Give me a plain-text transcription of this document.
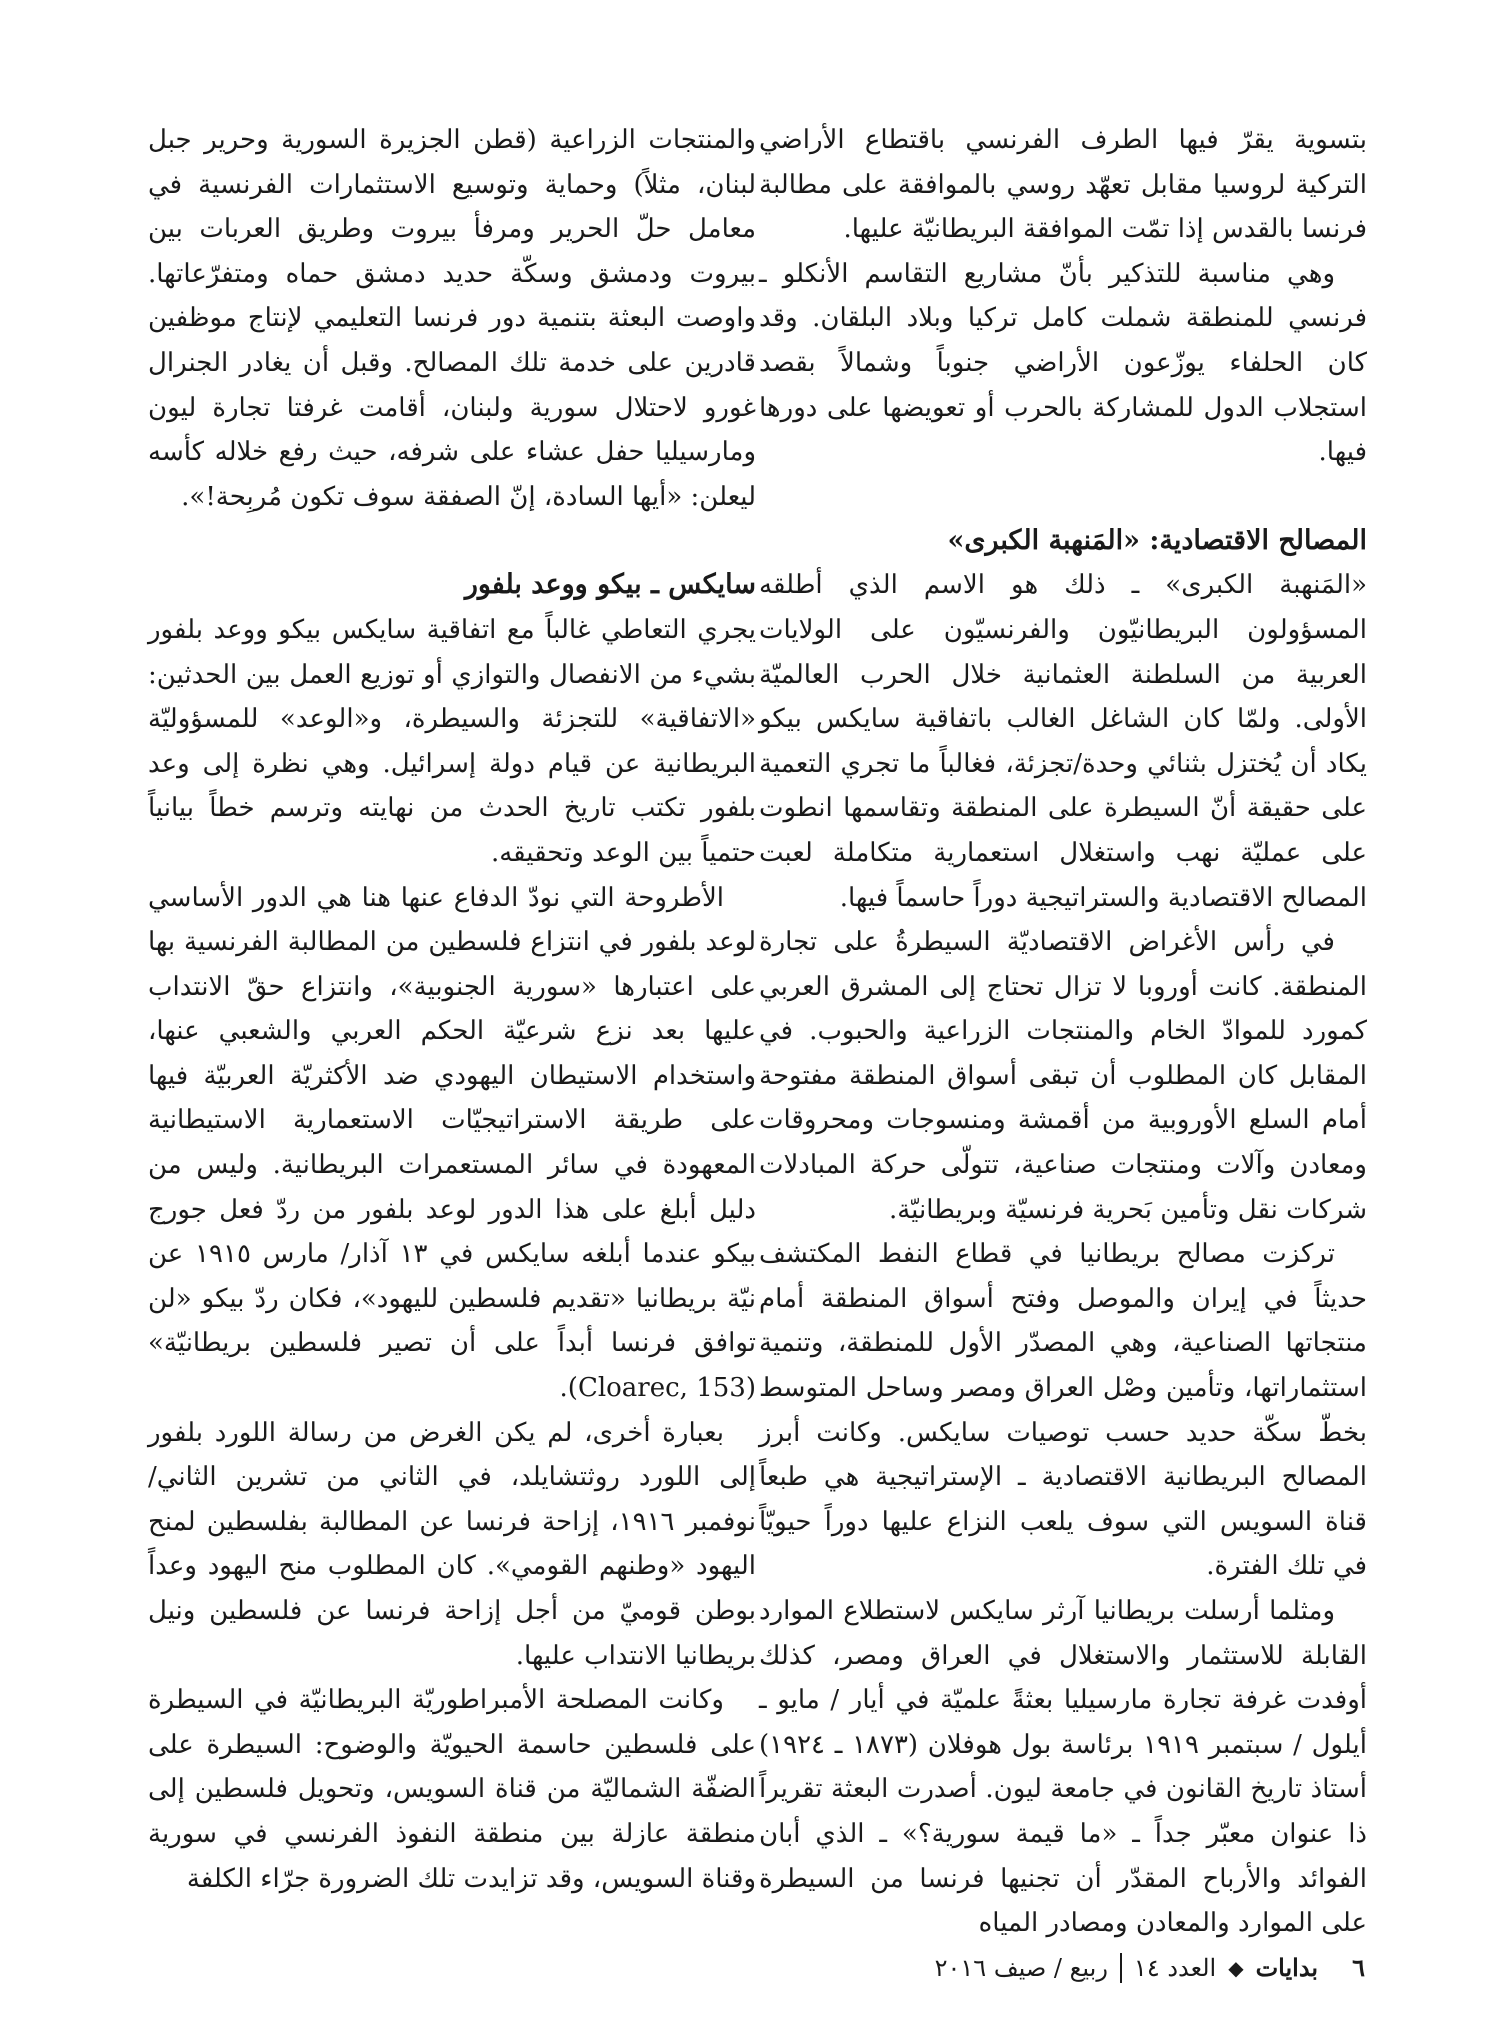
بتسوية يقرّ فيها الطرف الفرنسي باقتطاع الأراضي التركية لروسيا مقابل تعهّد روسي بالموافقة على مطالبة فرنسا بالقدس إذا تمّت الموافقة البريطانيّة عليها.

وهي مناسبة للتذكير بأنّ مشاريع التقاسم الأنكلو ـ فرنسي للمنطقة شملت كامل تركيا وبلاد البلقان. وقد كان الحلفاء يوزّعون الأراضي جنوباً وشمالاً بقصد استجلاب الدول للمشاركة بالحرب أو تعويضها على دورها فيها.

المصالح الاقتصادية: «المَنهبة الكبرى»

«المَنهبة الكبرى» ـ ذلك هو الاسم الذي أطلقه المسؤولون البريطانيّون والفرنسيّون على الولايات العربية من السلطنة العثمانية خلال الحرب العالميّة الأولى. ولمّا كان الشاغل الغالب باتفاقية سايكس بيكو يكاد أن يُختزل بثنائي وحدة/تجزئة، فغالباً ما تجري التعمية على حقيقة أنّ السيطرة على المنطقة وتقاسمها انطوت على عمليّة نهب واستغلال استعمارية متكاملة لعبت المصالح الاقتصادية والستراتيجية دوراً حاسماً فيها.

في رأس الأغراض الاقتصاديّة السيطرةُ على تجارة المنطقة. كانت أوروبا لا تزال تحتاج إلى المشرق العربي كمورد للموادّ الخام والمنتجات الزراعية والحبوب. في المقابل كان المطلوب أن تبقى أسواق المنطقة مفتوحة أمام السلع الأوروبية من أقمشة ومنسوجات ومحروقات ومعادن وآلات ومنتجات صناعية، تتولّى حركة المبادلات شركات نقل وتأمين بَحرية فرنسيّة وبريطانيّة.

تركزت مصالح بريطانيا في قطاع النفط المكتشف حديثاً في إيران والموصل وفتح أسواق المنطقة أمام منتجاتها الصناعية، وهي المصدّر الأول للمنطقة، وتنمية استثماراتها، وتأمين وصْل العراق ومصر وساحل المتوسط بخطّ سكّة حديد حسب توصيات سايكس. وكانت أبرز المصالح البريطانية الاقتصادية ـ الإستراتيجية هي طبعاً قناة السويس التي سوف يلعب النزاع عليها دوراً حيويّاً في تلك الفترة.

ومثلما أرسلت بريطانيا آرثر سايكس لاستطلاع الموارد القابلة للاستثمار والاستغلال في العراق ومصر، كذلك أوفدت غرفة تجارة مارسيليا بعثةً علميّة في أيار / مايو ـ أيلول / سبتمبر ١٩١٩ برئاسة بول هوفلان (١٨٧٣ ـ ١٩٢٤) أستاذ تاريخ القانون في جامعة ليون. أصدرت البعثة تقريراً ذا عنوان معبّر جداً ـ «ما قيمة سورية؟» ـ الذي أبان الفوائد والأرباح المقدّر أن تجنيها فرنسا من السيطرة على الموارد والمعادن ومصادر المياه

والمنتجات الزراعية (قطن الجزيرة السورية وحرير جبل لبنان، مثلاً) وحماية وتوسيع الاستثمارات الفرنسية في معامل حلّ الحرير ومرفأ بيروت وطريق العربات بين بيروت ودمشق وسكّة حديد دمشق حماه ومتفرّعاتها. واوصت البعثة بتنمية دور فرنسا التعليمي لإنتاج موظفين قادرين على خدمة تلك المصالح. وقبل أن يغادر الجنرال غورو لاحتلال سورية ولبنان، أقامت غرفتا تجارة ليون ومارسيليا حفل عشاء على شرفه، حيث رفع خلاله كأسه ليعلن: «أيها السادة، إنّ الصفقة سوف تكون مُربِحة!».

سايكس ـ بيكو ووعد بلفور

يجري التعاطي غالباً مع اتفاقية سايكس بيكو ووعد بلفور بشيء من الانفصال والتوازي أو توزيع العمل بين الحدثين: «الاتفاقية» للتجزئة والسيطرة، و«الوعد» للمسؤوليّة البريطانية عن قيام دولة إسرائيل. وهي نظرة إلى وعد بلفور تكتب تاريخ الحدث من نهايته وترسم خطاً بيانياً حتمياً بين الوعد وتحقيقه.

الأطروحة التي نودّ الدفاع عنها هنا هي الدور الأساسي لوعد بلفور في انتزاع فلسطين من المطالبة الفرنسية بها على اعتبارها «سورية الجنوبية»، وانتزاع حقّ الانتداب عليها بعد نزع شرعيّة الحكم العربي والشعبي عنها، واستخدام الاستيطان اليهودي ضد الأكثريّة العربيّة فيها على طريقة الاستراتيجيّات الاستعمارية الاستيطانية المعهودة في سائر المستعمرات البريطانية. وليس من دليل أبلغ على هذا الدور لوعد بلفور من ردّ فعل جورج بيكو عندما أبلغه سايكس في ١٣ آذار/ مارس ١٩١٥ عن نيّة بريطانيا «تقديم فلسطين لليهود»، فكان ردّ بيكو «لن توافق فرنسا أبداً على أن تصير فلسطين بريطانيّة» (Cloarec, 153).

بعبارة أخرى، لم يكن الغرض من رسالة اللورد بلفور إلى اللورد روثتشايلد، في الثاني من تشرين الثاني/ نوفمبر ١٩١٦، إزاحة فرنسا عن المطالبة بفلسطين لمنح اليهود «وطنهم القومي». كان المطلوب منح اليهود وعداً بوطن قوميّ من أجل إزاحة فرنسا عن فلسطين ونيل بريطانيا الانتداب عليها.

وكانت المصلحة الأمبراطوريّة البريطانيّة في السيطرة على فلسطين حاسمة الحيويّة والوضوح: السيطرة على الضفّة الشماليّة من قناة السويس، وتحويل فلسطين إلى منطقة عازلة بين منطقة النفوذ الفرنسي في سورية وقناة السويس، وقد تزايدت تلك الضرورة جرّاء الكلفة

٦
بدايات
◆
العدد ١٤
ربيع / صيف ٢٠١٦
